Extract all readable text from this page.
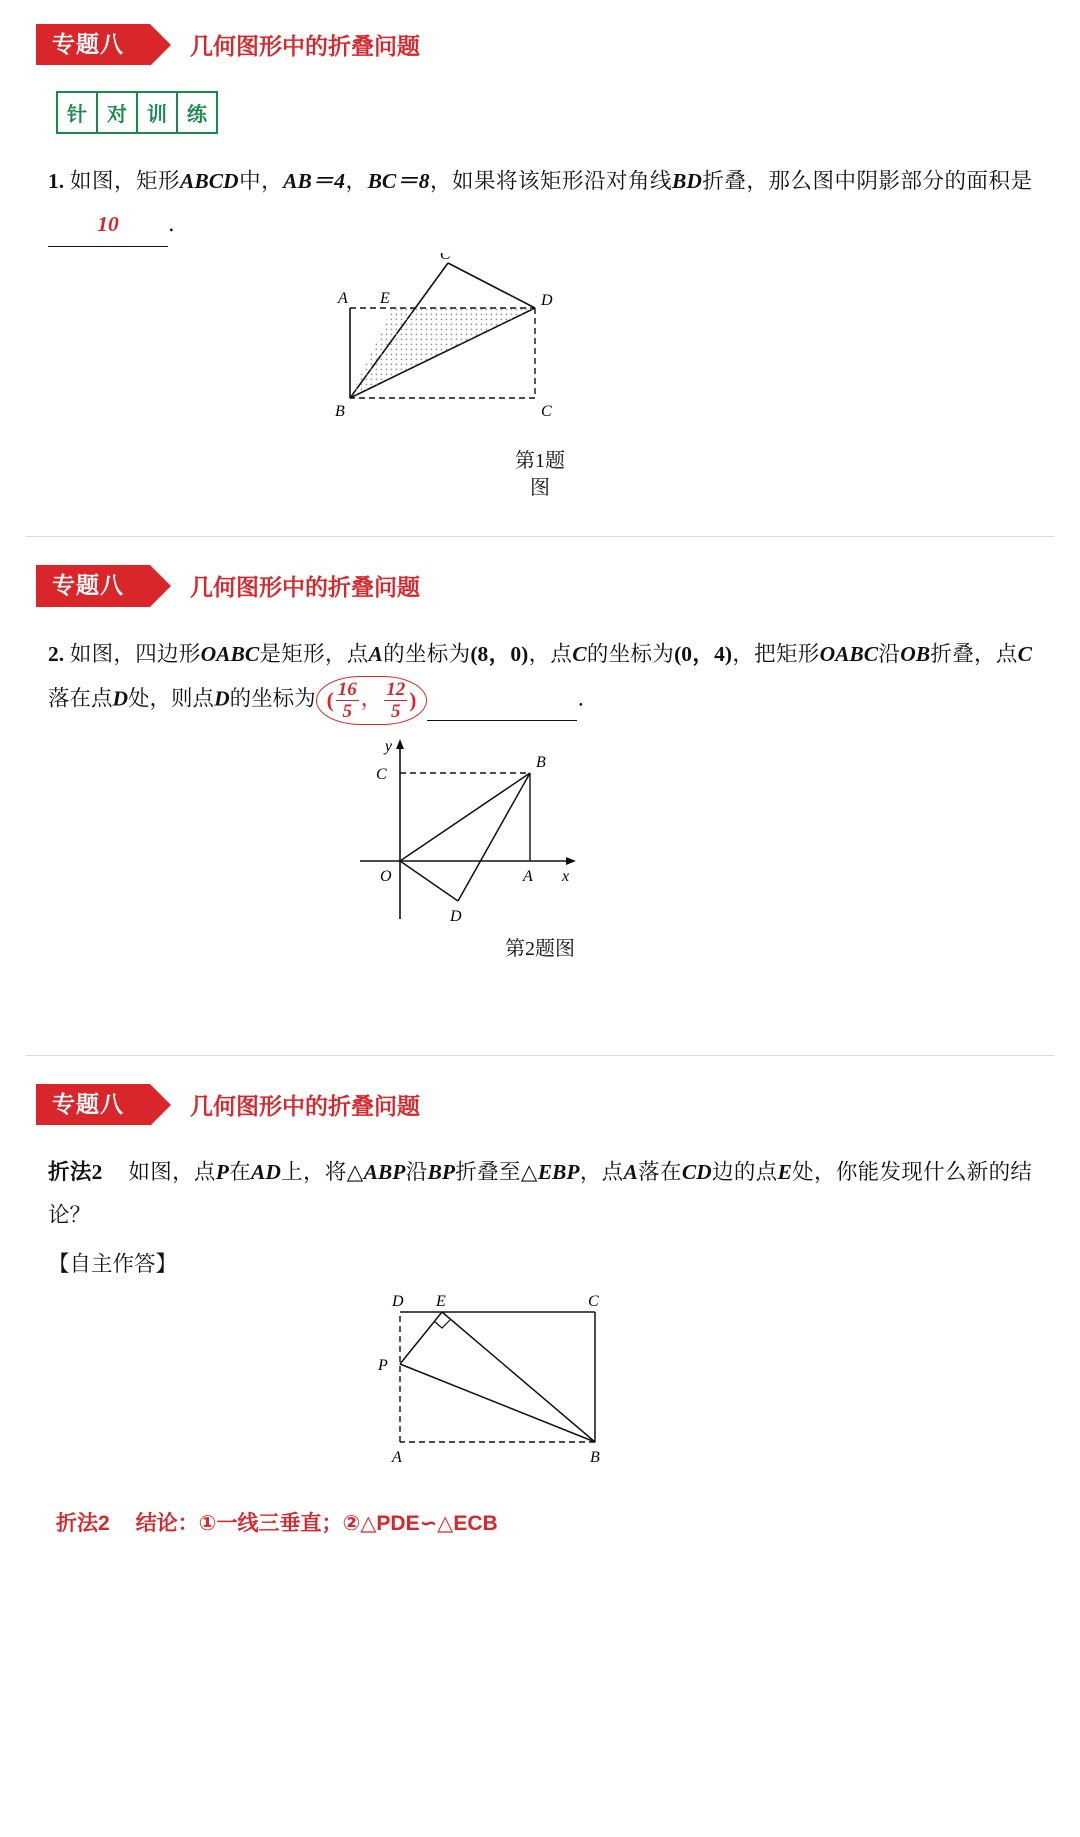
专题八	几何图形中的折叠问题
针	对	训	练
1. 如图，矩形ABCD中，AB＝4，BC＝8，如果将该矩形沿对角线BD折叠，那么图中阴影部分的面积是10 ．
C′
A E	D
B	C
第1题
图
专题八	几何图形中的折叠问题
2. 如图，四边形OABC是矩形，点A的坐标为(8，0)，点C的坐标为(0，4)，把矩形OABC沿OB折叠，点C落在点D处，则点D的坐标为 ( $\frac{16}{5}$ ， $\frac{12}{5}$ )	．
y
C
B
O	A x
D
第2题图
专题八	几何图形中的折叠问题
折法2 如图，点P在AD上，将△ABP沿BP折叠至△EBP，点A落在CD边的点E处，你能发现什么新的结论？
【自主作答】
D E	C
P
A	B
折法2 结论：①一线三垂直；②△PDE∽△ECB
